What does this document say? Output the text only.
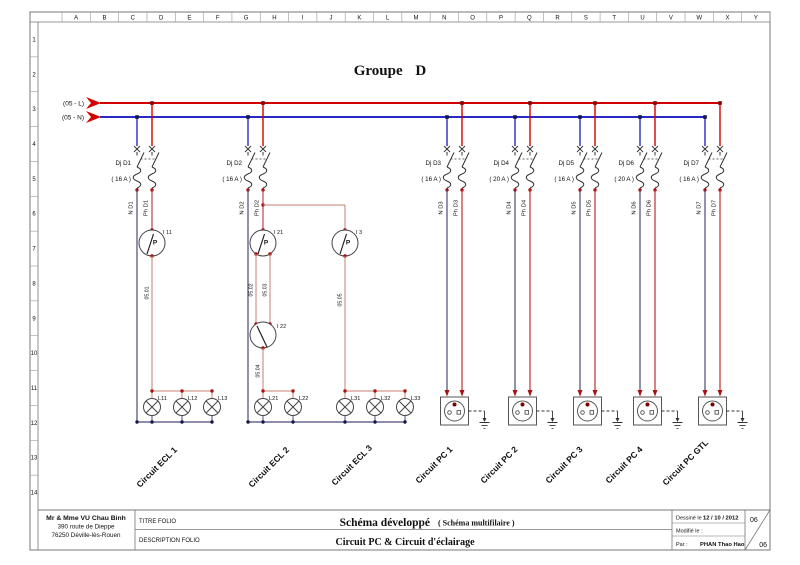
Groupe D
(05 - L)
(05 - N)
Mr & Mme VU Chau Binh
390 route de Dieppe
76250 Déville-lès-Rouen
TITRE FOLIO	Schéma développé ( Schéma multifilaire )
DESCRIPTION FOLIO	Circuit PC & Circuit d'éclairage
Dessiné le :
12 / 10 / 2012
Modifié le :
Par : PHAN Thao Hao
06
06
A	B	C	D	E	F	G	H	I	J	K	L	M	N	O	P	Q	R	S	T	U	V	W	X	Y
1
2
3
4
5
6
7
8
9
10
11
12
13
14
Dj D1
( 16 A )
N D1 Ph D1
Dj D2
( 16 A )
N D2 Ph D2
Dj D3
( 16 A )
N D3 Ph D3
Dj D4
( 20 A )
N D4 Ph D4
Dj D5
( 16 A )
N D5 Ph D5
Dj D6
( 20 A )
N D6 Ph D6
Dj D7
( 16 A )
N D7 Ph D7
P
I 11
05.01
P
I 21
05.02 05.03
I 22
05.04
P
I 3
05.05
L11	L12	L13	L21	L22	L31	L32	L33
Circuit ECL 1	Circuit ECL 2	Circuit ECL 3	Circuit PC 1	Circuit PC 2	Circuit PC 3 Circuit PC 4 Circuit PC GTL
